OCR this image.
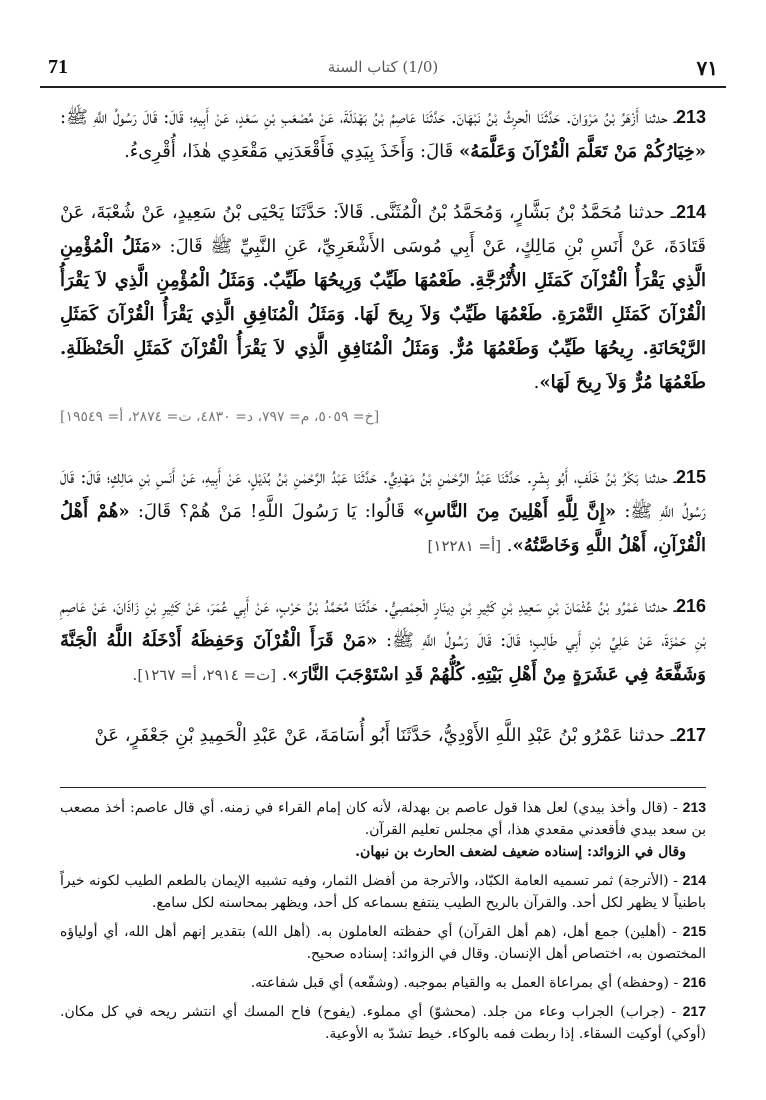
71	(1/0) كتاب السنة	٧١

213ـ حدثنا أَزْهَرُ بْنُ مَرْوَانَ. حَدَّثَنَا الْحرِثُ بْنُ نَبْهَانَ. حَدَّثَنَا عَاصِمُ بْنُ بَهْدَلَةَ، عَنْ مُصْعَبِ بْنِ سَعْدٍ، عَنْ أَبِيهِ؛ قَالَ: قَالَ رَسُولُ اللَّهِ ﷺ: «خِيَارُكُمْ مَنْ تَعَلَّمَ الْقُرْآنَ وَعَلَّمَهُ» قَالَ: وَأَخَذَ بِيَدِي فَأَقْعَدَنِي مَقْعَدِي هٰذَا، أُقْرِىءُ.

214ـ حدثنا مُحَمَّدُ بْنُ بَشَّارٍ، وَمُحَمَّدُ بْنُ الْمُثَنَّى. قَالاَ: حَدَّثَنَا يَحْيَى بْنُ سَعِيدٍ، عَنْ شُعْبَةَ، عَنْ قَتَادَةَ، عَنْ أَنَسِ بْنِ مَالِكٍ، عَنْ أَبِي مُوسَى الأَشْعَرِيِّ، عَنِ النَّبِيِّ ﷺ قَالَ: «مَثَلُ الْمُؤْمِنِ الَّذِي يَقْرَأُ الْقُرْآنَ كَمَثَلِ الأُتْرُجَّةِ. طَعْمُهَا طَيِّبٌ وَرِيحُهَا طَيِّبٌ. وَمَثَلُ الْمُؤْمِنِ الَّذِي لاَ يَقْرَأُ الْقُرْآنَ كَمَثَلِ التَّمْرَةِ. طَعْمُهَا طَيِّبٌ وَلاَ رِيحَ لَهَا. وَمَثَلُ الْمُنَافِقِ الَّذِي يَقْرَأُ الْقُرْآنَ كَمَثَلِ الرَّيْحَانَةِ. رِيحُهَا طَيِّبٌ وَطَعْمُهَا مُرٌّ. وَمَثَلُ الْمُنَافِقِ الَّذِي لاَ يَقْرَأُ الْقُرْآنَ كَمَثَلِ الْحَنْظَلَةِ. طَعْمُهَا مُرٌّ وَلاَ رِيحَ لَهَا».
[خ= ٥٠٥٩، م= ٧٩٧، د= ٤٨٣٠، ت= ٢٨٧٤، أ= ١٩٥٤٩]

215ـ حدثنا بَكْرُ بْنُ خَلَفٍ، أَبُو بِشْرٍ. حَدَّثَنَا عَبْدُ الرَّحْمٰنِ بْنُ مَهْدِيٍّ. حَدَّثَنَا عَبْدُ الرَّحْمٰنِ بْنُ بُدَيْلٍ، عَنْ أَبِيهِ، عَنْ أَنَسِ بْنِ مَالِكٍ؛ قَالَ: قَالَ رَسُولُ اللَّهِ ﷺ: «إِنَّ لِلَّهِ أَهْلِينَ مِنَ النَّاسِ» قَالُوا: يَا رَسُولَ اللَّهِ! مَنْ هُمْ؟ قَالَ: «هُمْ أَهْلُ الْقُرْآنِ، أَهْلُ اللَّهِ وَخَاصَّتُهُ». [أ= ١٢٢٨١]

216ـ حدثنا عَمْرُو بْنُ عُثْمَانَ بْنِ سَعِيدِ بْنِ كَثِيرِ بْنِ دِينَارٍ الْحِمْصِيُّ. حَدَّثَنَا مُحَمَّدُ بْنُ حَرْبٍ، عَنْ أَبِي عُمَرَ، عَنْ كَثِيرِ بْنِ زَاذَانَ، عَنْ عَاصِمِ بْنِ حَمْزَةَ، عَنْ عَلِيِّ بْنِ أَبِي طَالِبٍ؛ قَالَ: قَالَ رَسُولُ اللَّهِ ﷺ: «مَنْ قَرَأَ الْقُرْآنَ وَحَفِظَهُ أَدْخَلَهُ اللَّهُ الْجَنَّةَ وَشَفَّعَهُ فِي عَشَرَةٍ مِنْ أَهْلِ بَيْتِهِ. كُلُّهُمْ قَدِ اسْتَوْجَبَ النَّارَ». [ت= ٢٩١٤، أ= ١٢٦٧].

217ـ حدثنا عَمْرُو بْنُ عَبْدِ اللَّهِ الأَوْدِيُّ، حَدَّثَنَا أَبُو أُسَامَةَ، عَنْ عَبْدِ الْحَمِيدِ بْنِ جَعْفَرٍ، عَنْ

213 - (قال وأخذ بيدي) لعل هذا قول عاصم بن بهدلة، لأنه كان إمام القراء في زمنه. أي قال عاصم: أخذ مصعب بن سعد بيدي فأقعدني مقعدي هذا، أي مجلس تعليم القرآن.
وقال في الزوائد: إسناده ضعيف لضعف الحارث بن نبهان.

214 - (الأترجة) ثمر تسميه العامة الكبّاد، والأترجة من أفضل الثمار، وفيه تشبيه الإيمان بالطعم الطيب لكونه خيراً باطنياً لا يظهر لكل أحد. والقرآن بالريح الطيب ينتفع بسماعه كل أحد، ويظهر بمحاسنه لكل سامع.

215 - (أهلين) جمع أهل، (هم أهل القرآن) أي حفظته العاملون به. (أهل الله) بتقدير إنهم أهل الله، أي أولياؤه المختصون به، اختصاص أهل الإنسان. وقال في الزوائد: إسناده صحيح.

216 - (وحفظه) أي بمراعاة العمل به والقيام بموجبه. (وشفّعه) أي قبل شفاعته.

217 - (جراب) الجراب وعاء من جلد. (محشوّ) أي مملوء. (يفوح) فاح المسك أي انتشر ريحه في كل مكان. (أوكي) أوكيت السقاء. إذا ربطت فمه بالوكاء. خيط تشدّ به الأوعية.
